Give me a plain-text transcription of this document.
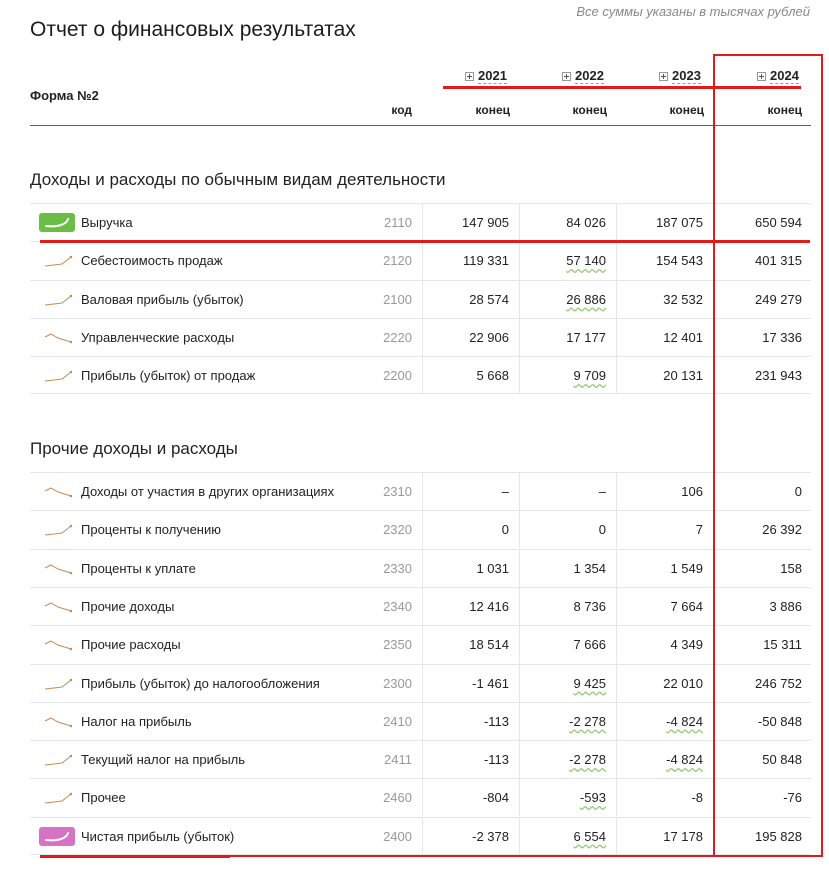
Все суммы указаны в тысячах рублей
Отчет о финансовых результатах
Форма №2
2021	2022	2023	2024
код	конец	конец	конец	конец
Доходы и расходы по обычным видам деятельности
Выручка	2110	147 905	84 026	187 075	650 594
Себестоимость продаж	2120	119 331	57 140	154 543	401 315
Валовая прибыль (убыток)	2100	28 574	26 886	32 532	249 279
Управленческие расходы	2220	22 906	17 177	12 401	17 336
Прибыль (убыток) от продаж	2200	5 668	9 709	20 131	231 943
Доходы от участия в других организациях	2310	–	–	106	0
Проценты к получению	2320	0	0	7	26 392
Проценты к уплате	2330	1 031	1 354	1 549	158
Прочие доходы	2340	12 416	8 736	7 664	3 886
Прочие расходы	2350	18 514	7 666	4 349	15 311
Прибыль (убыток) до налогообложения	2300	-1 461	9 425	22 010	246 752
Налог на прибыль	2410	-113	-2 278	-4 824	-50 848
Текущий налог на прибыль	2411	-113	-2 278	-4 824	50 848
Прочее	2460	-804	-593	-8	-76
Чистая прибыль (убыток)	2400	-2 378	6 554	17 178	195 828
Прочие доходы и расходы
